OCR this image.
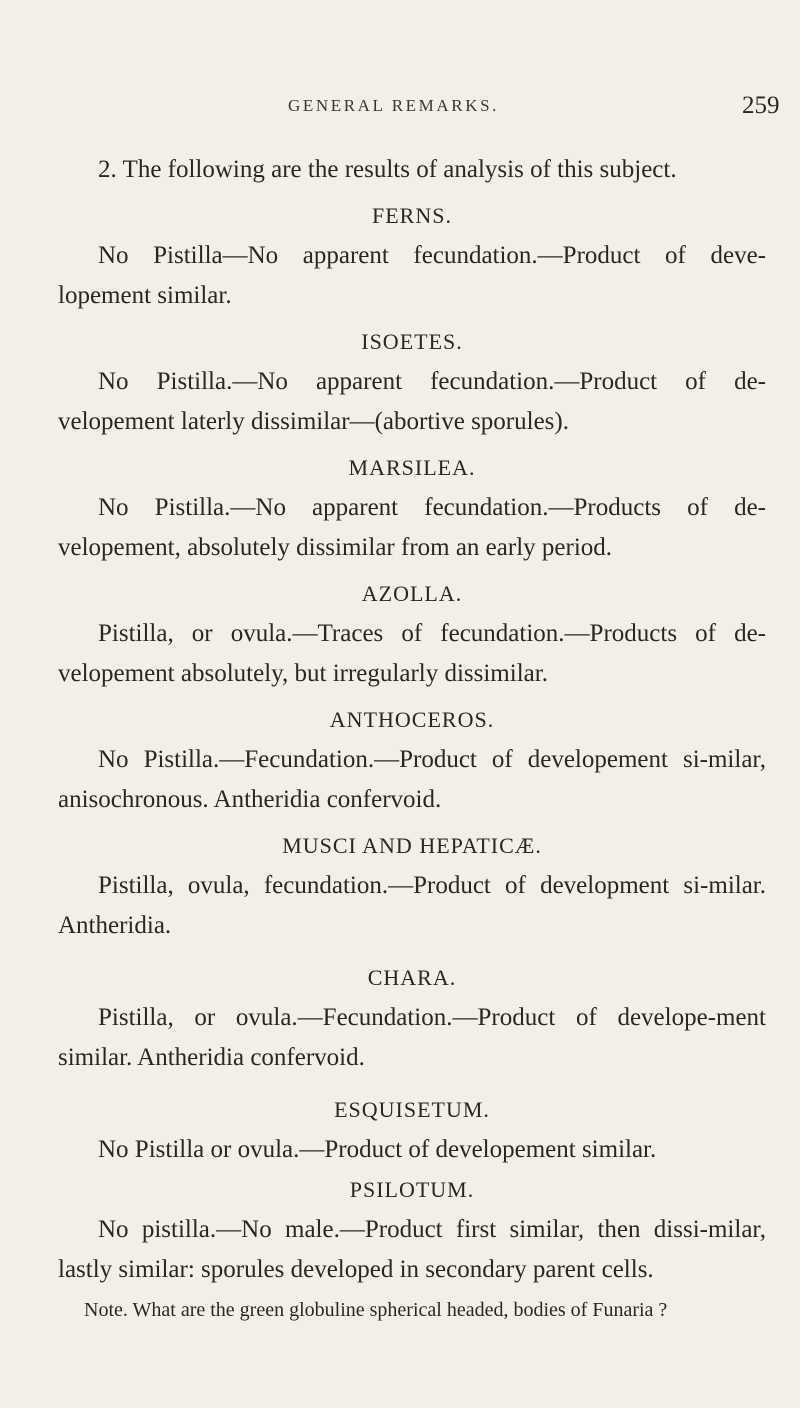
GENERAL REMARKS.	259

2. The following are the results of analysis of this subject.

FERNS.

No Pistilla—No apparent fecundation.—Product of deve-lopement similar.

ISOETES.

No Pistilla.—No apparent fecundation.—Product of de-velopement laterly dissimilar—(abortive sporules).

MARSILEA.

No Pistilla.—No apparent fecundation.—Products of de-velopement, absolutely dissimilar from an early period.

AZOLLA.

Pistilla, or ovula.—Traces of fecundation.—Products of de-velopement absolutely, but irregularly dissimilar.

ANTHOCEROS.

No Pistilla.—Fecundation.—Product of developement si-milar, anisochronous. Antheridia confervoid.

MUSCI AND HEPATICÆ.

Pistilla, ovula, fecundation.—Product of development si-milar. Antheridia.

CHARA.

Pistilla, or ovula.—Fecundation.—Product of develope-ment similar. Antheridia confervoid.

ESQUISETUM.

No Pistilla or ovula.—Product of developement similar.

PSILOTUM.

No pistilla.—No male.—Product first similar, then dissi-milar, lastly similar: sporules developed in secondary parent cells.

Note. What are the green globuline spherical headed, bodies of Funaria ?
